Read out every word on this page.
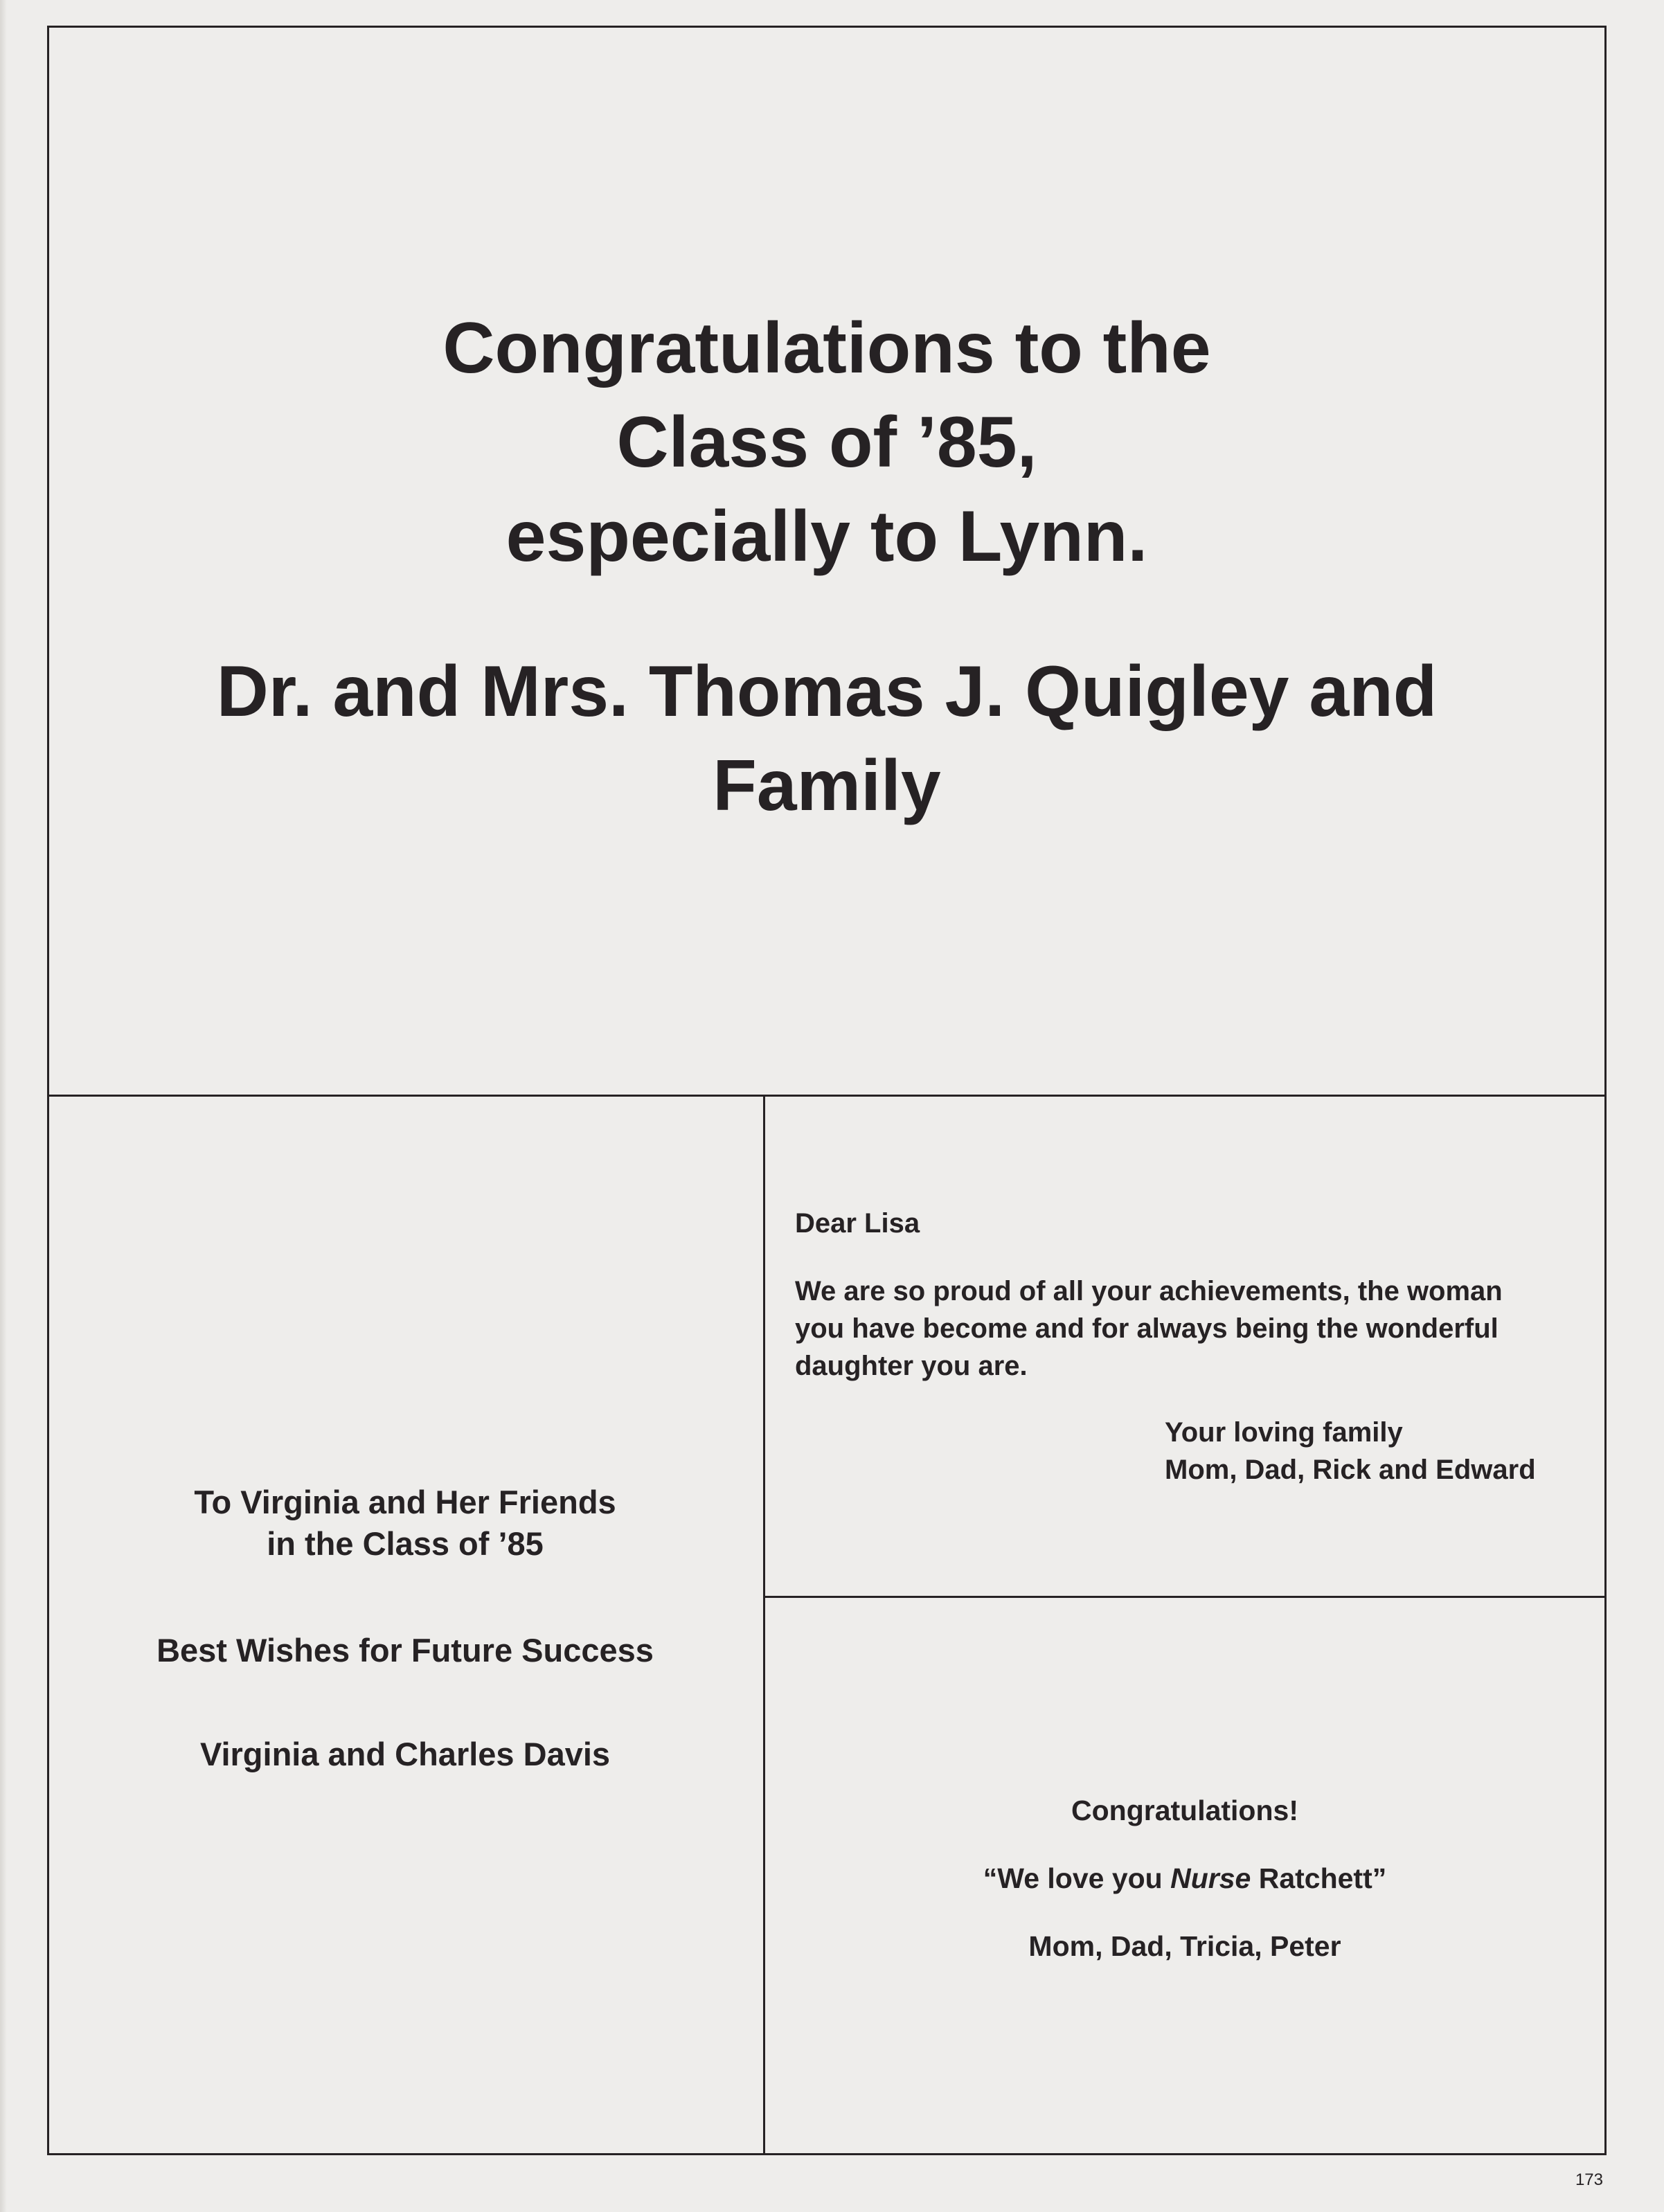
Congratulations to the
Class of ’85,
especially to Lynn.
Dr. and Mrs. Thomas J. Quigley and
Family
To Virginia and Her Friends
in the Class of ’85
Best Wishes for Future Success
Virginia and Charles Davis
Dear Lisa
We are so proud of all your achievements, the woman
you have become and for always being the wonderful
daughter you are.
Your loving family
Mom, Dad, Rick and Edward
Congratulations!
“We love you Nurse Ratchett”
Mom, Dad, Tricia, Peter
173
